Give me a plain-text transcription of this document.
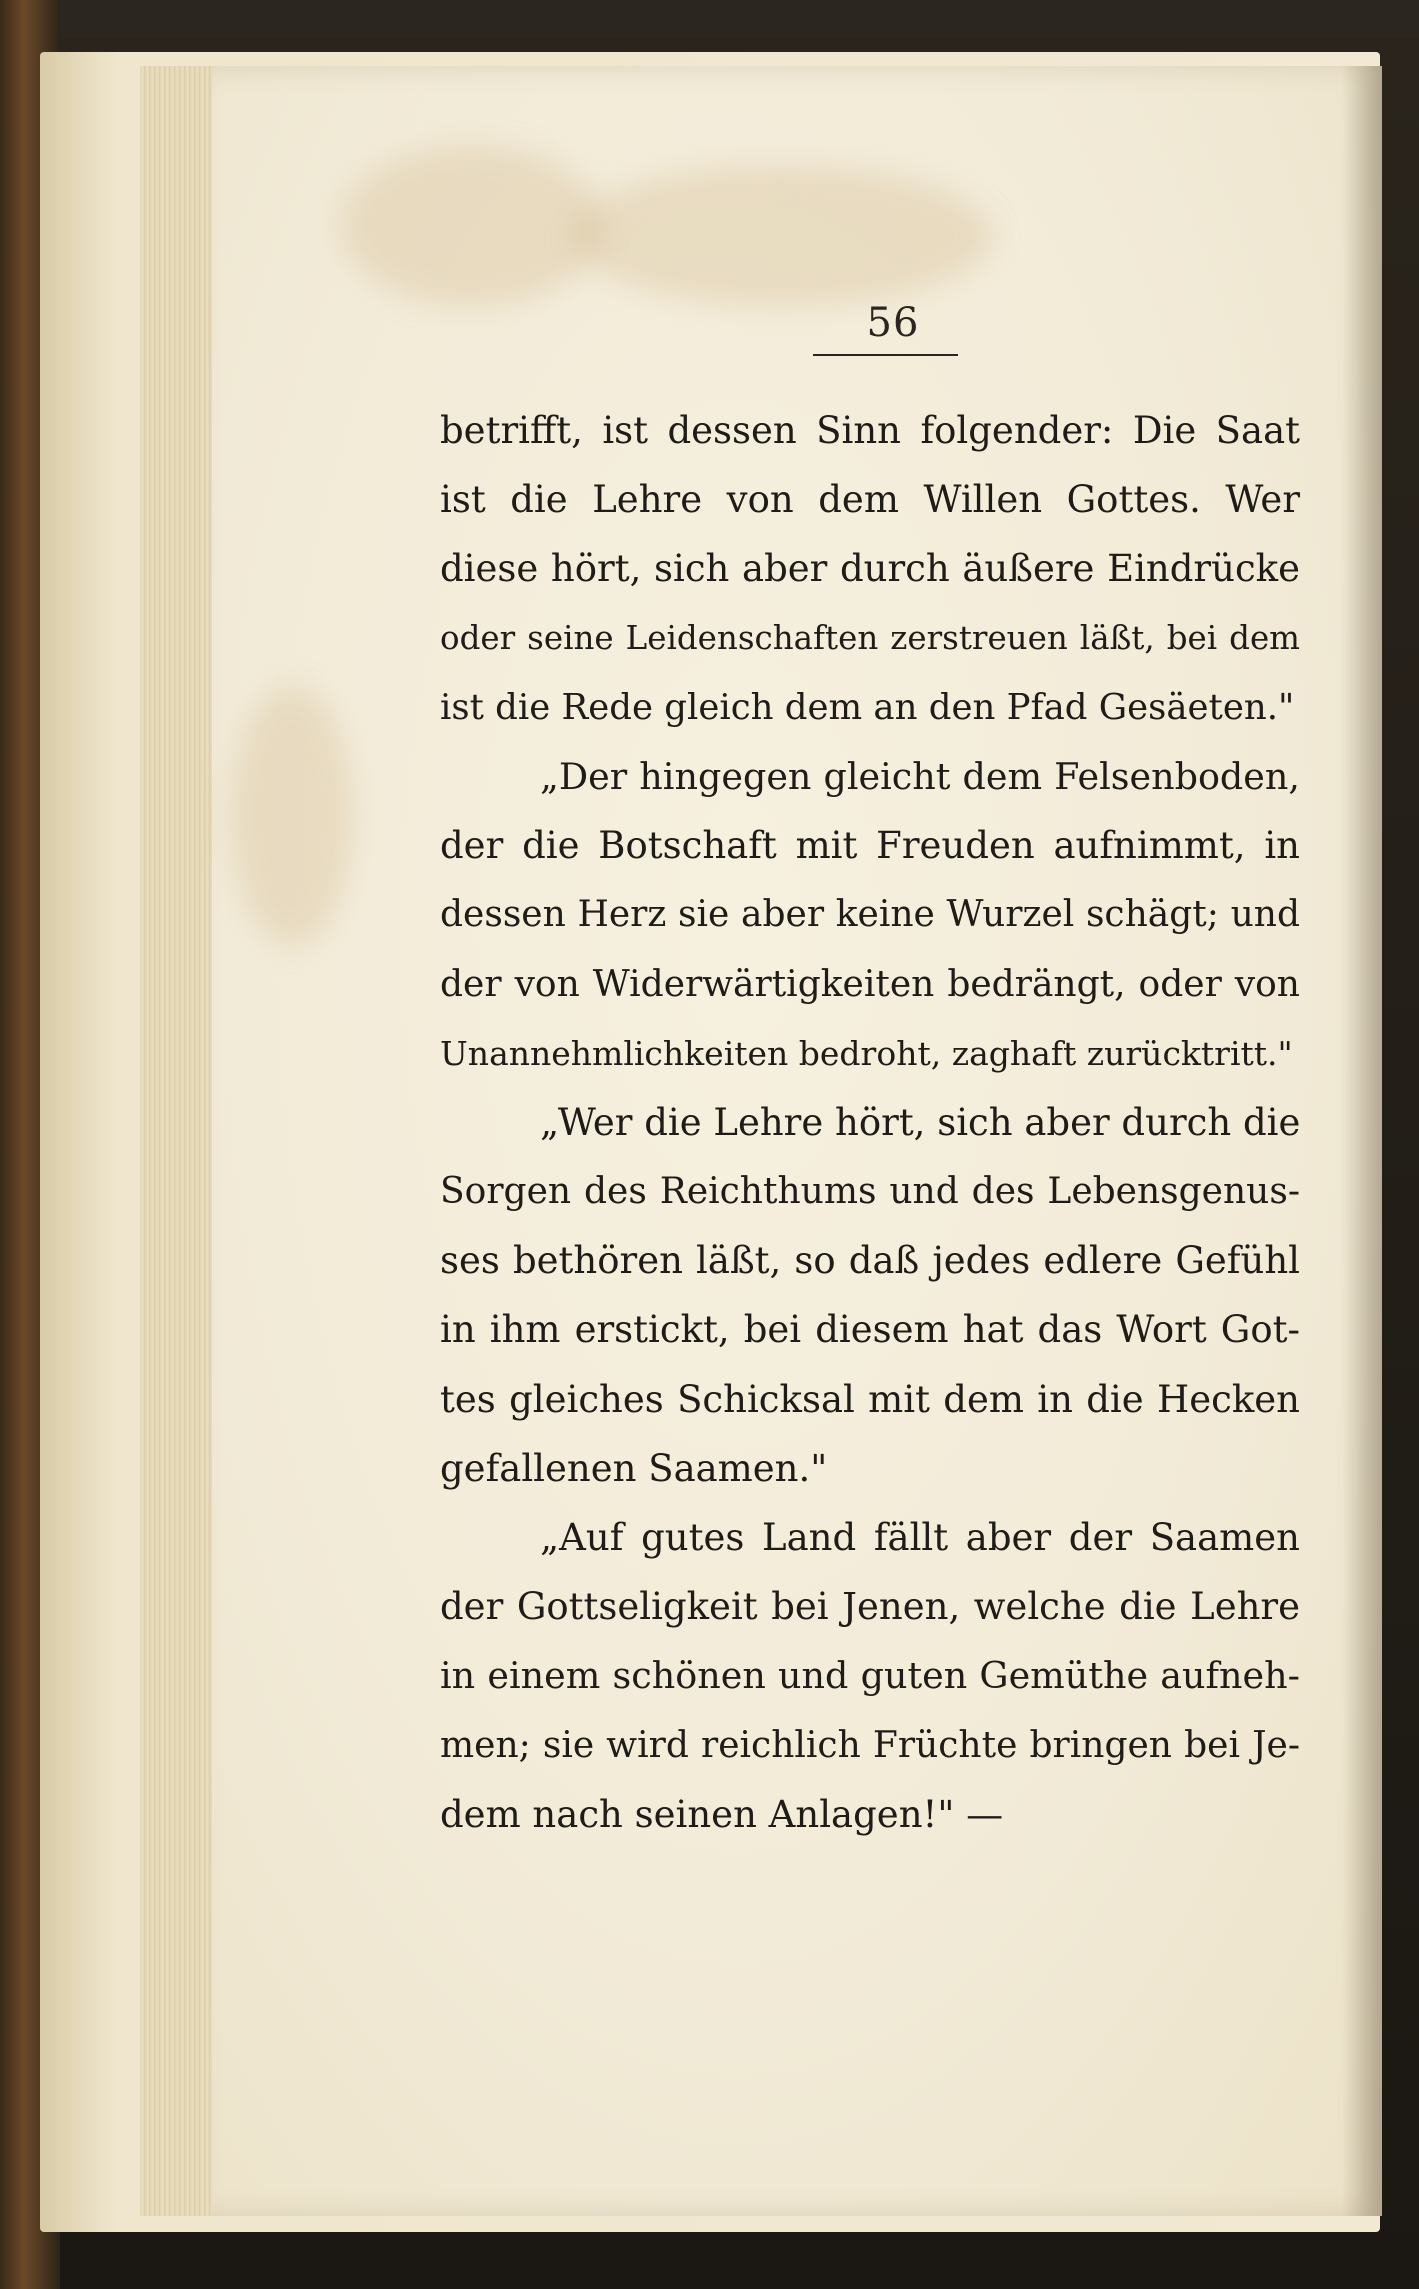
56
betrifft, ist dessen Sinn folgender: Die Saat
ist die Lehre von dem Willen Gottes. Wer
diese hört, sich aber durch äußere Eindrücke
oder seine Leidenschaften zerstreuen läßt, bei dem
ist die Rede gleich dem an den Pfad Gesäeten."
„Der hingegen gleicht dem Felsenboden,
der die Botschaft mit Freuden aufnimmt, in
dessen Herz sie aber keine Wurzel schägt; und
der von Widerwärtigkeiten bedrängt, oder von
Unannehmlichkeiten bedroht, zaghaft zurücktritt."
„Wer die Lehre hört, sich aber durch die
Sorgen des Reichthums und des Lebensgenus-
ses bethören läßt, so daß jedes edlere Gefühl
in ihm erstickt, bei diesem hat das Wort Got-
tes gleiches Schicksal mit dem in die Hecken
gefallenen Saamen."
„Auf gutes Land fällt aber der Saamen
der Gottseligkeit bei Jenen, welche die Lehre
in einem schönen und guten Gemüthe aufneh-
men; sie wird reichlich Früchte bringen bei Je-
dem nach seinen Anlagen!" —
